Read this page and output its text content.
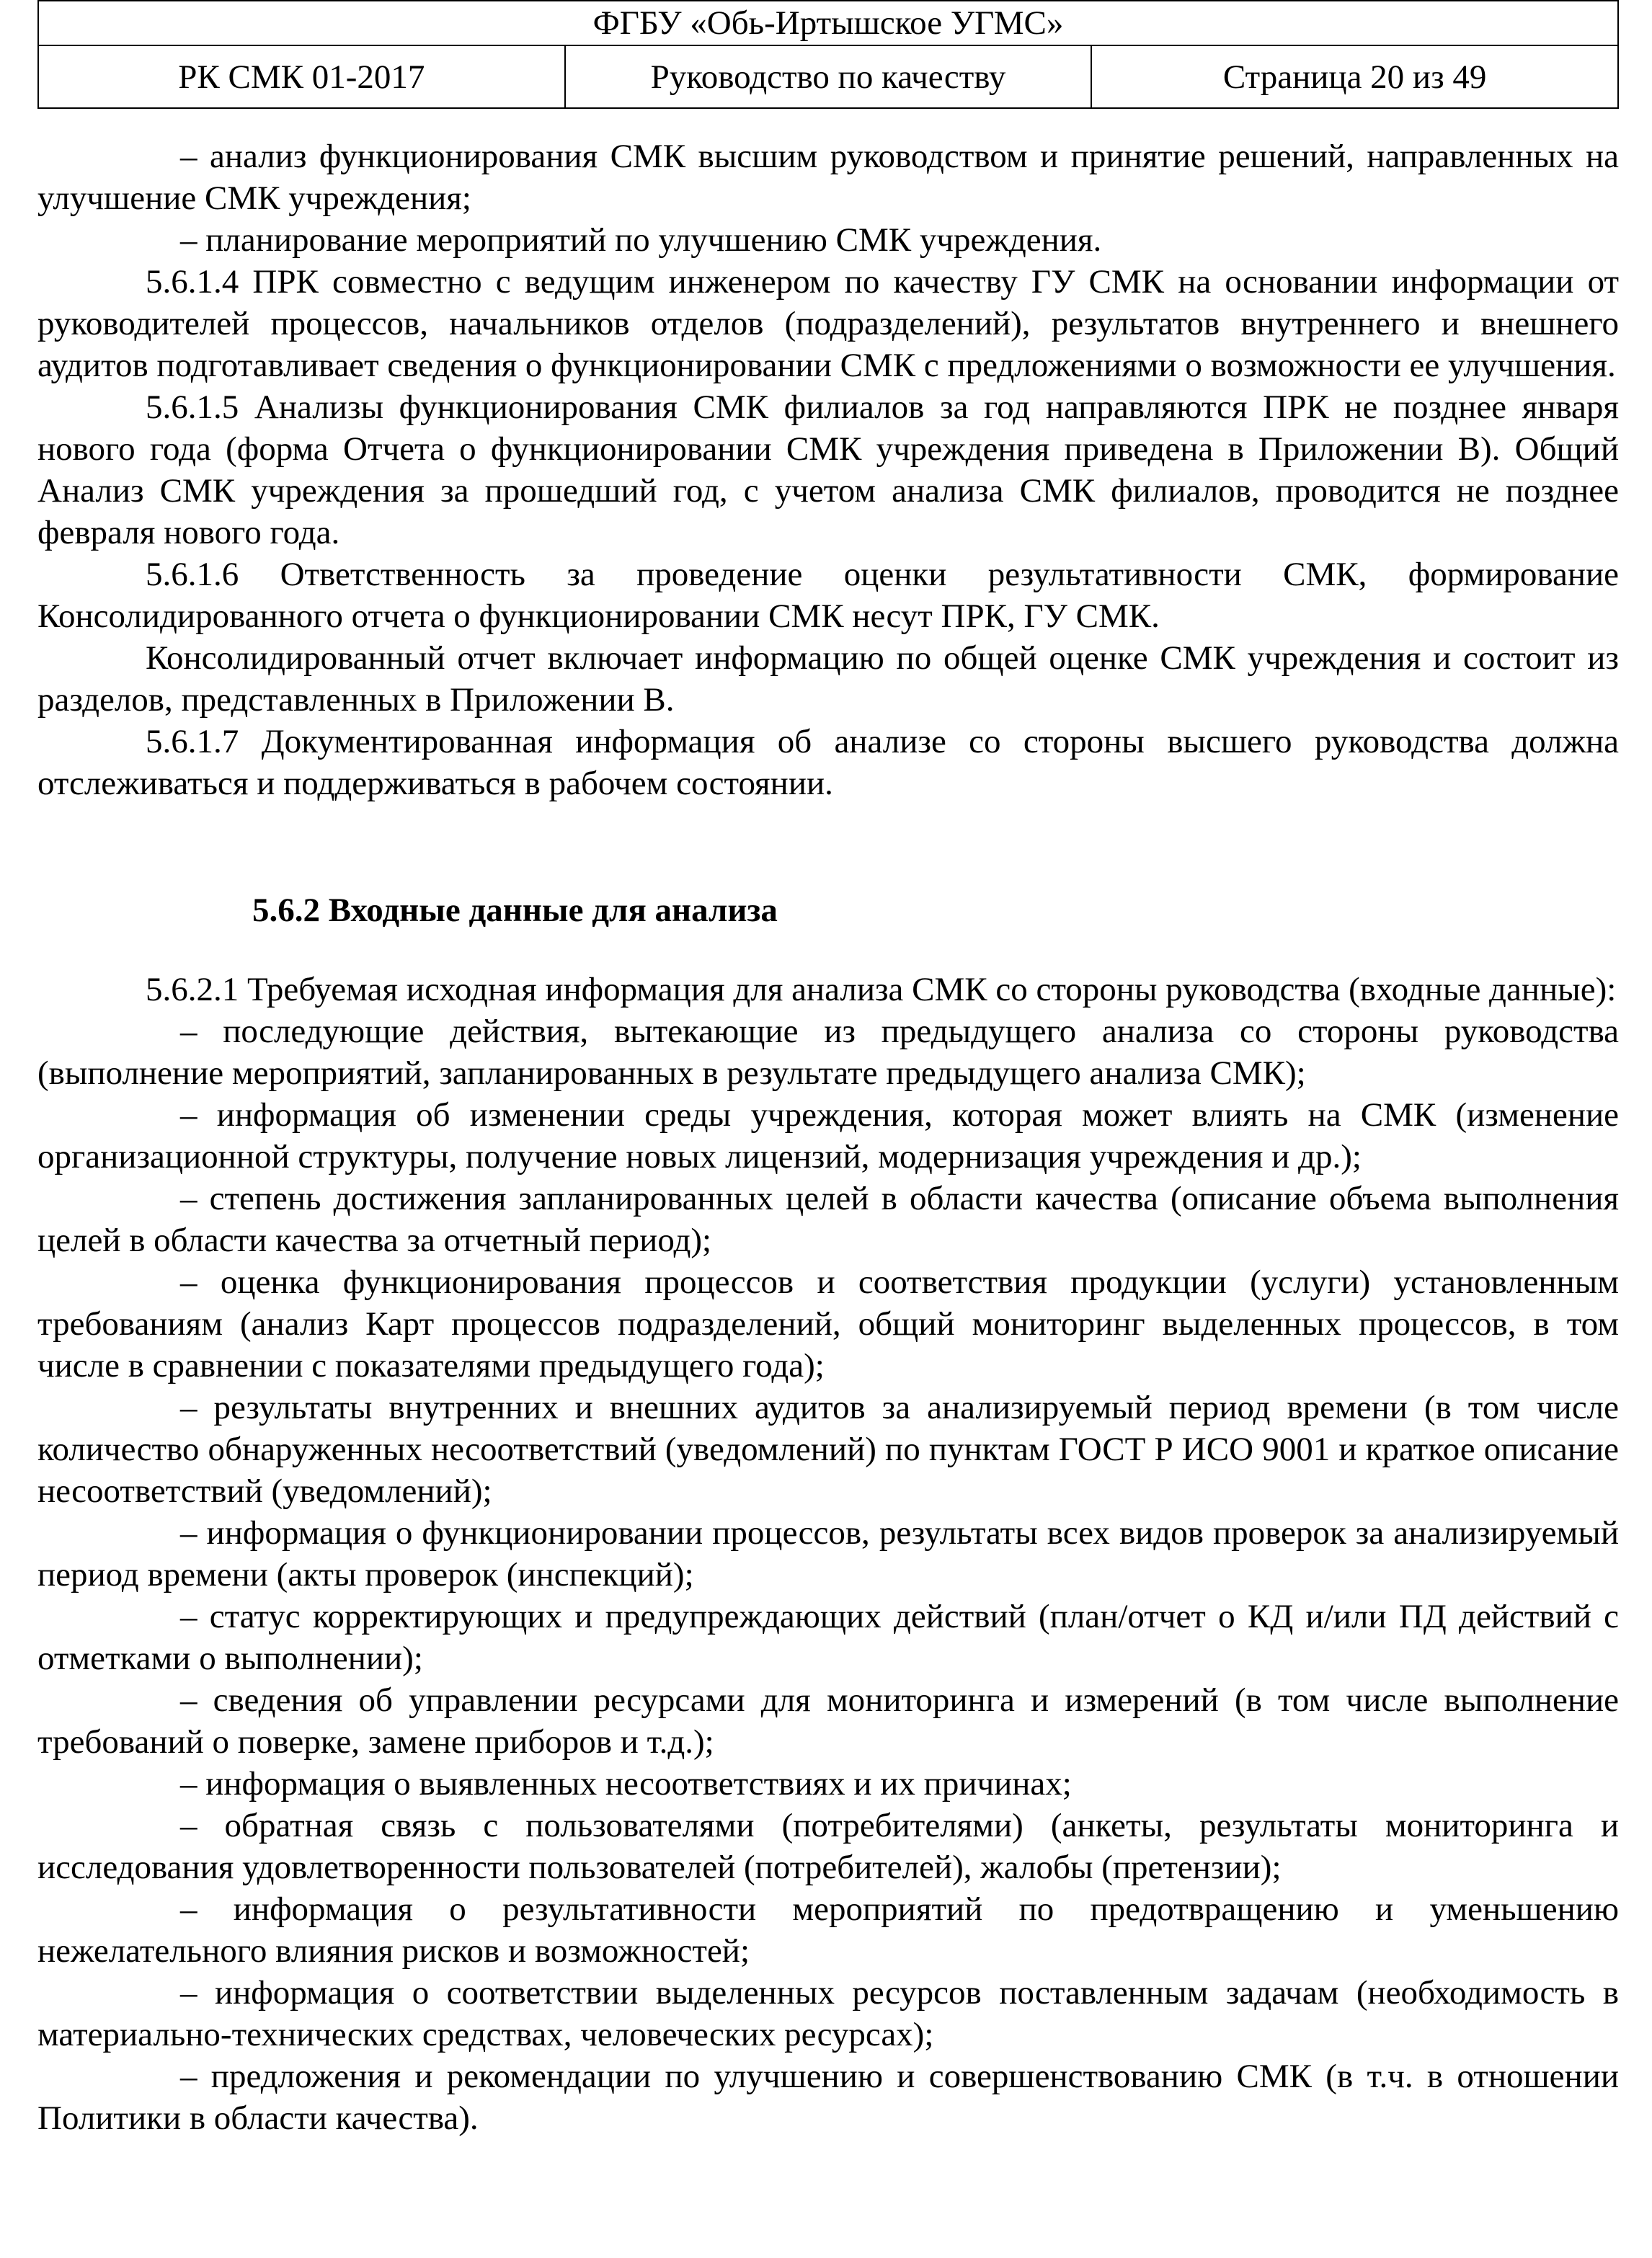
ФГБУ «Обь-Иртышское УГМС»
РК СМК 01-2017	Руководство по качеству	Страница 20 из 49

– анализ функционирования СМК высшим руководством и принятие решений, направленных на улучшение СМК учреждения;

– планирование мероприятий по улучшению СМК учреждения.

5.6.1.4 ПРК совместно с ведущим инженером по качеству ГУ СМК на основании информации от руководителей процессов, начальников отделов (подразделений), результатов внутреннего и внешнего аудитов подготавливает сведения о функционировании СМК с предложениями о возможности ее улучшения.

5.6.1.5 Анализы функционирования СМК филиалов за год направляются ПРК не позднее января нового года (форма Отчета о функционировании СМК учреждения приведена в Приложении В). Общий Анализ СМК учреждения за прошедший год, с учетом анализа СМК филиалов, проводится не позднее февраля нового года.

5.6.1.6 Ответственность за проведение оценки результативности СМК, формирование Консолидированного отчета о функционировании СМК несут ПРК, ГУ СМК.

Консолидированный отчет включает информацию по общей оценке СМК учреждения и состоит из разделов, представленных в Приложении В.

5.6.1.7 Документированная информация об анализе со стороны высшего руководства должна отслеживаться и поддерживаться в рабочем состоянии.

5.6.2 Входные данные для анализа

5.6.2.1 Требуемая исходная информация для анализа СМК со стороны руководства (входные данные):

– последующие действия, вытекающие из предыдущего анализа со стороны руководства (выполнение мероприятий, запланированных в результате предыдущего анализа СМК);

– информация об изменении среды учреждения, которая может влиять на СМК (изменение организационной структуры, получение новых лицензий, модернизация учреждения и др.);

– степень достижения запланированных целей в области качества (описание объема выполнения целей в области качества за отчетный период);

– оценка функционирования процессов и соответствия продукции (услуги) установленным требованиям (анализ Карт процессов подразделений, общий мониторинг выделенных процессов, в том числе в сравнении с показателями предыдущего года);

– результаты внутренних и внешних аудитов за анализируемый период времени (в том числе количество обнаруженных несоответствий (уведомлений) по пунктам ГОСТ Р ИСО 9001 и краткое описание несоответствий (уведомлений);

– информация о функционировании процессов, результаты всех видов проверок за анализируемый период времени (акты проверок (инспекций);

– статус корректирующих и предупреждающих действий (план/отчет о КД и/или ПД действий с отметками о выполнении);

– сведения об управлении ресурсами для мониторинга и измерений (в том числе выполнение требований о поверке, замене приборов и т.д.);

– информация о выявленных несоответствиях и их причинах;

– обратная связь с пользователями (потребителями) (анкеты, результаты мониторинга и исследования удовлетворенности пользователей (потребителей), жалобы (претензии);

– информация о результативности мероприятий по предотвращению и уменьшению нежелательного влияния рисков и возможностей;

– информация о соответствии выделенных ресурсов поставленным задачам (необходимость в материально-технических средствах, человеческих ресурсах);

– предложения и рекомендации по улучшению и совершенствованию СМК (в т.ч. в отношении Политики в области качества).
